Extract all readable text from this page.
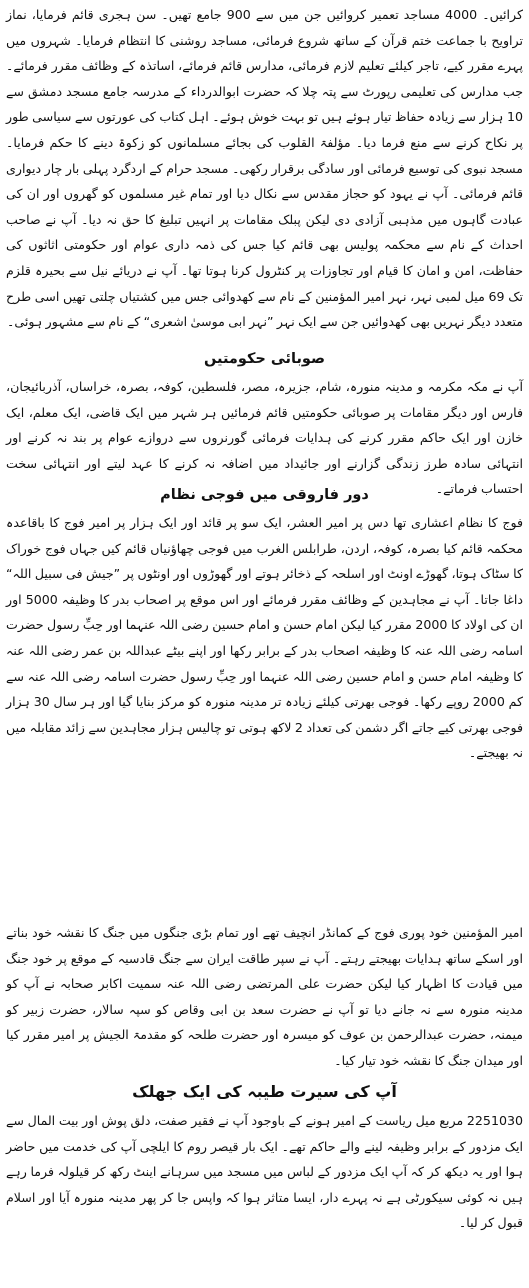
کرائیں۔ 4000 مساجد تعمیر کروائیں جن میں سے 900 جامع تھیں۔ سن ہجری قائم فرمایا، نماز تراویح با جماعت ختم قرآن کے ساتھ شروع فرمائی، مساجد روشنی کا انتظام فرمایا۔ شہروں میں پہرے مقرر کیے، تاجر کیلئے تعلیم لازم فرمائی، مدارس قائم فرمائے، اساتذہ کے وظائف مقرر فرمائے۔ جب مدارس کی تعلیمی رپورٹ سے پتہ چلا کہ حضرت ابوالدرداء کے مدرسہ جامع مسجد دمشق سے 10 ہزار سے زیادہ حفاظ تیار ہوئے ہیں تو بہت خوش ہوئے۔ اہل کتاب کی عورتوں سے سیاسی طور پر نکاح کرنے سے منع فرما دیا۔ مؤلفۃ القلوب کی بجائے مسلمانوں کو زکوۃ دینے کا حکم فرمایا۔ مسجد نبوی کی توسیع فرمائی اور سادگی برقرار رکھی۔ مسجد حرام کے اردگرد پہلی بار چار دیواری قائم فرمائی۔ آپ نے یہود کو حجاز مقدس سے نکال دیا اور تمام غیر مسلموں کو گھروں اور ان کی عبادت گاہوں میں مذہبی آزادی دی لیکن پبلک مقامات پر انہیں تبلیغ کا حق نہ دیا۔ آپ نے صاحب احداث کے نام سے محکمہ پولیس بھی قائم کیا جس کی ذمہ داری عوام اور حکومتی اثاثوں کی حفاظت، امن و امان کا قیام اور تجاوزات پر کنٹرول کرنا ہوتا تھا۔ آپ نے دریائے نیل سے بحیرہ قلزم تک 69 میل لمبی نہر، نہر امیر المؤمنین کے نام سے کھدوائی جس میں کشتیاں چلتی تھیں اسی طرح متعدد دیگر نہریں بھی کھدوائیں جن سے ایک نہر ”نہر ابی موسیٰ اشعری“ کے نام سے مشہور ہوئی۔

صوبائی حکومتیں

آپ نے مکہ مکرمہ و مدینہ منورہ، شام، جزیرہ، مصر، فلسطین، کوفہ، بصرہ، خراساں، آذربائیجان، فارس اور دیگر مقامات پر صوبائی حکومتیں قائم فرمائیں ہر شہر میں ایک قاضی، ایک معلم، ایک خازن اور ایک حاکم مقرر کرنے کی ہدایات فرمائی گورنروں سے دروازے عوام پر بند نہ کرنے اور انتہائی سادہ طرز زندگی گزارنے اور جائیداد میں اضافہ نہ کرنے کا عہد لیتے اور انتہائی سخت احتساب فرماتے۔

دور فاروقی میں فوجی نظام

فوج کا نظام اعشاری تھا دس پر امیر العشر، ایک سو پر قائد اور ایک ہزار پر امیر فوج کا باقاعدہ محکمہ قائم کیا بصرہ، کوفہ، اردن، طرابلس الغرب میں فوجی چھاؤنیاں قائم کیں جہاں فوج خوراک کا سٹاک ہوتا، گھوڑے اونٹ اور اسلحہ کے ذخائر ہوتے اور گھوڑوں اور اونٹوں پر ”جیش فی سبیل اللہ“ داغا جاتا۔ آپ نے مجاہدین کے وظائف مقرر فرمائے اور اس موقع پر اصحاب بدر کا وظیفہ 5000 اور ان کی اولاد کا 2000 مقرر کیا لیکن امام حسن و امام حسین رضی اللہ عنہما اور حِبِّ رسول حضرت اسامہ رضی اللہ عنہ کا وظیفہ اصحاب بدر کے برابر رکھا اور اپنے بیٹے عبداللہ بن عمر رضی اللہ عنہ کا وظیفہ امام حسن و امام حسین رضی اللہ عنہما اور حِبِّ رسول حضرت اسامہ رضی اللہ عنہ سے کم 2000 روپے رکھا۔ فوجی بھرتی کیلئے زیادہ تر مدینہ منورہ کو مرکز بنایا گیا اور ہر سال 30 ہزار فوجی بھرتی کیے جاتے اگر دشمن کی تعداد 2 لاکھ ہوتی تو چالیس ہزار مجاہدین سے زائد مقابلہ میں نہ بھیجتے۔

امیر المؤمنین خود پوری فوج کے کمانڈر انچیف تھے اور تمام بڑی جنگوں میں جنگ کا نقشہ خود بناتے اور اسکے ساتھ ہدایات بھیجتے رہتے۔ آپ نے سپر طاقت ایران سے جنگ قادسیہ کے موقع پر خود جنگ میں قیادت کا اظہار کیا لیکن حضرت علی المرتضی رضی اللہ عنہ سمیت اکابر صحابہ نے آپ کو مدینہ منورہ سے نہ جانے دیا تو آپ نے حضرت سعد بن ابی وقاص کو سپہ سالار، حضرت زبیر کو میمنہ، حضرت عبدالرحمن بن عوف کو میسرہ اور حضرت طلحہ کو مقدمۃ الجیش پر امیر مقرر کیا اور میدان جنگ کا نقشہ خود تیار کیا۔

آپ کی سیرت طیبہ کی ایک جھلک

2251030 مربع میل ریاست کے امیر ہونے کے باوجود آپ نے فقیر صفت، دلق پوش اور بیت المال سے ایک مزدور کے برابر وظیفہ لینے والے حاکم تھے۔ ایک بار قیصر روم کا ایلچی آپ کی خدمت میں حاضر ہوا اور یہ دیکھ کر کہ آپ ایک مزدور کے لباس میں مسجد میں سرہانے اینٹ رکھ کر قیلولہ فرما رہے ہیں نہ کوئی سیکورٹی ہے نہ پہرے دار، ایسا متاثر ہوا کہ واپس جا کر پھر مدینہ منورہ آیا اور اسلام قبول کر لیا۔
